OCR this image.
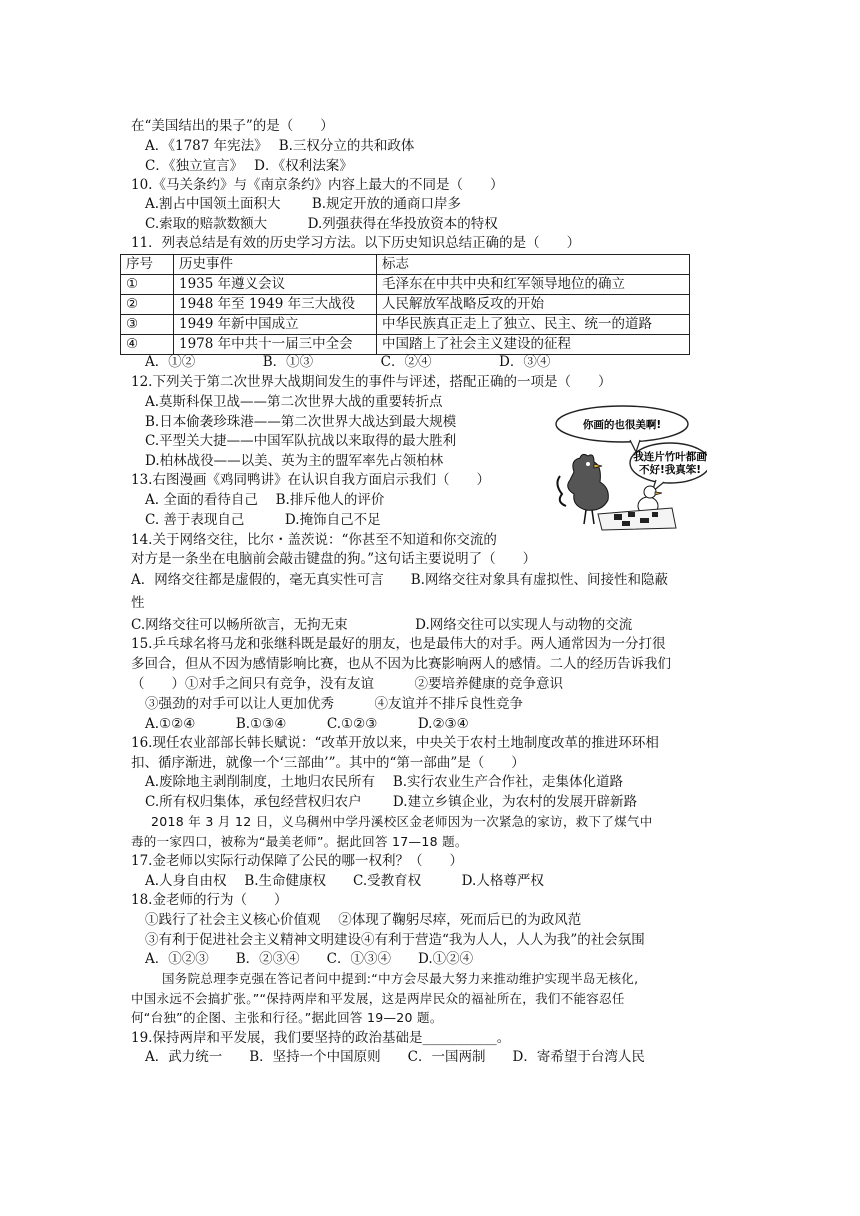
在“美国结出的果子”的是（　　）
A．《1787 年宪法》　 B.三权分立的共和政体
C．《独立宣言》　 D．《权利法案》
10.《马关条约》与《南京条约》内容上最大的不同是（　　）
A.割占中国领土面积大　　 B.规定开放的通商口岸多
C.索取的赔款数额大　　　D.列强获得在华投放资本的特权
11．列表总结是有效的历史学习方法。以下历史知识总结正确的是（　　）
序号	历史事件	标志
①	1935 年遵义会议	毛泽东在中共中央和红军领导地位的确立
②	1948 年至 1949 年三大战役	人民解放军战略反攻的开始
③	1949 年新中国成立	中华民族真正走上了独立、民主、统一的道路
④	1978 年中共十一届三中全会	中国踏上了社会主义建设的征程
A．①②　　　　　B．①③　　　　　C．②④　　　　　D．③④
12.下列关于第二次世界大战期间发生的事件与评述，搭配正确的一项是（　　）
A.莫斯科保卫战——第二次世界大战的重要转折点
B.日本偷袭珍珠港——第二次世界大战达到最大规模
C.平型关大捷——中国军队抗战以来取得的最大胜利
D.柏林战役——以美、英为主的盟军率先占领柏林
13.右图漫画《鸡同鸭讲》在认识自我方面启示我们（　　）
A. 全面的看待自己　 B.排斥他人的评价
C. 善于表现自己　　　D.掩饰自己不足
你画的也很美啊!
我连片竹叶都画
不好!我真笨!
14.关于网络交往，比尔・盖茨说：“你甚至不知道和你交流的
对方是一条坐在电脑前会敲击键盘的狗。”这句话主要说明了（　　）
A．网络交往都是虚假的，毫无真实性可言　　B.网络交往对象具有虚拟性、间接性和隐蔽
性
C.网络交往可以畅所欲言，无拘无束　　　　　D.网络交往可以实现人与动物的交流
15.乒乓球名将马龙和张继科既是最好的朋友，也是最伟大的对手。两人通常因为一分打很
多回合，但从不因为感情影响比赛，也从不因为比赛影响两人的感情。二人的经历告诉我们
（　　）①对手之间只有竞争，没有友谊　　　②要培养健康的竞争意识
③强劲的对手可以让人更加优秀　　　④友谊并不排斥良性竞争
A.①②④　　　B.①③④　　　C.①②③　　　D.②③④
16.现任农业部部长韩长赋说：“改革开放以来，中央关于农村土地制度改革的推进环环相
扣、循序渐进，就像一个‘三部曲’”。其中的“第一部曲”是（　　）
A.废除地主剥削制度，土地归农民所有　 B.实行农业生产合作社，走集体化道路
C.所有权归集体，承包经营权归农户　　 D.建立乡镇企业，为农村的发展开辟新路
2018 年 3 月 12 日，义乌稠州中学丹溪校区金老师因为一次紧急的家访，救下了煤气中
毒的一家四口，被称为“最美老师”。据此回答 17—18 题。
17.金老师以实际行动保障了公民的哪一权利？（　　）
A.人身自由权　 B.生命健康权　　C.受教育权　　　D.人格尊严权
18.金老师的行为（　　）
①践行了社会主义核心价值观　 ②体现了鞠躬尽瘁，死而后已的为政风范
③有利于促进社会主义精神文明建设④有利于营造“我为人人，人人为我”的社会氛围
A．①②③　　B．②③④　　C．①③④　　D.①②④
国务院总理李克强在答记者问中提到:“中方会尽最大努力来推动维护实现半岛无核化,
中国永远不会搞扩张。”“保持两岸和平发展，这是两岸民众的福祉所在，我们不能容忍任
何“台独”的企图、主张和行径。”据此回答 19—20 题。
19.保持两岸和平发展，我们要坚持的政治基础是___________。
A．武力统一　　B．坚持一个中国原则　　C．一国两制　　D．寄希望于台湾人民
